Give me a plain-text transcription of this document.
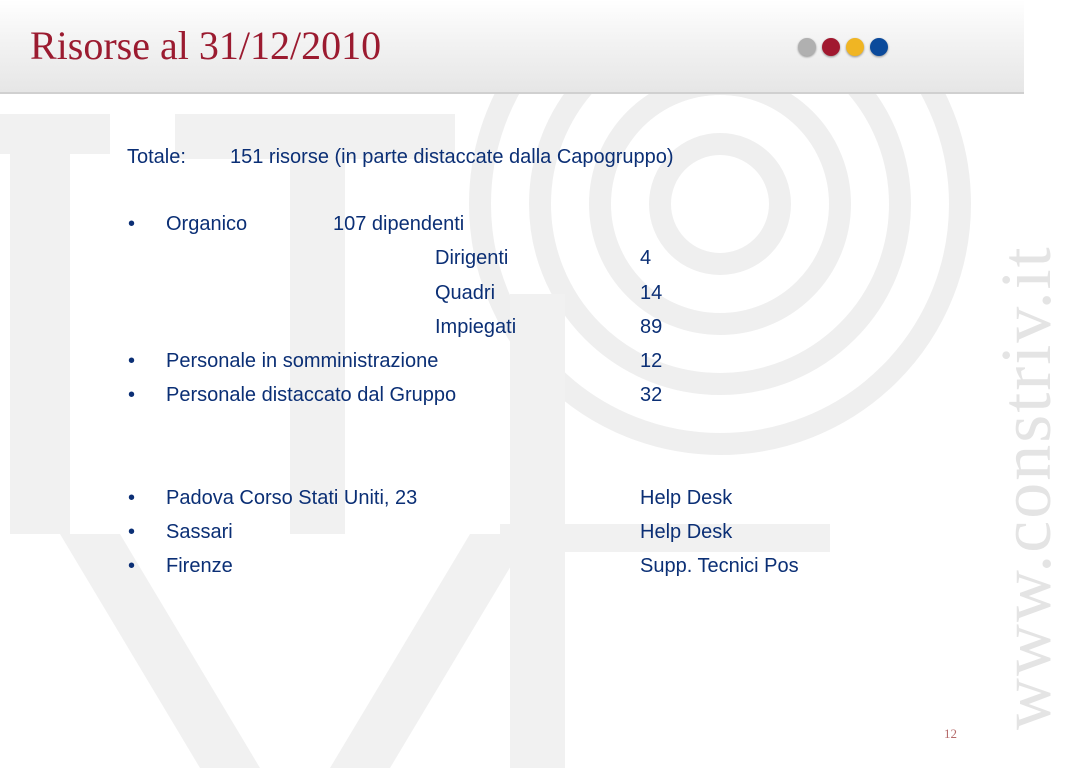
www.constriv.it
Risorse al 31/12/2010
Totale: 151 risorse (in parte distaccate dalla Capogruppo)
• Organico	107 dipendenti
Dirigenti	4
Quadri	14
Impiegati	89
• Personale in somministrazione	12
• Personale distaccato dal Gruppo	32
• Padova Corso Stati Uniti, 23	Help Desk
• Sassari	Help Desk
• Firenze	Supp. Tecnici Pos
12
